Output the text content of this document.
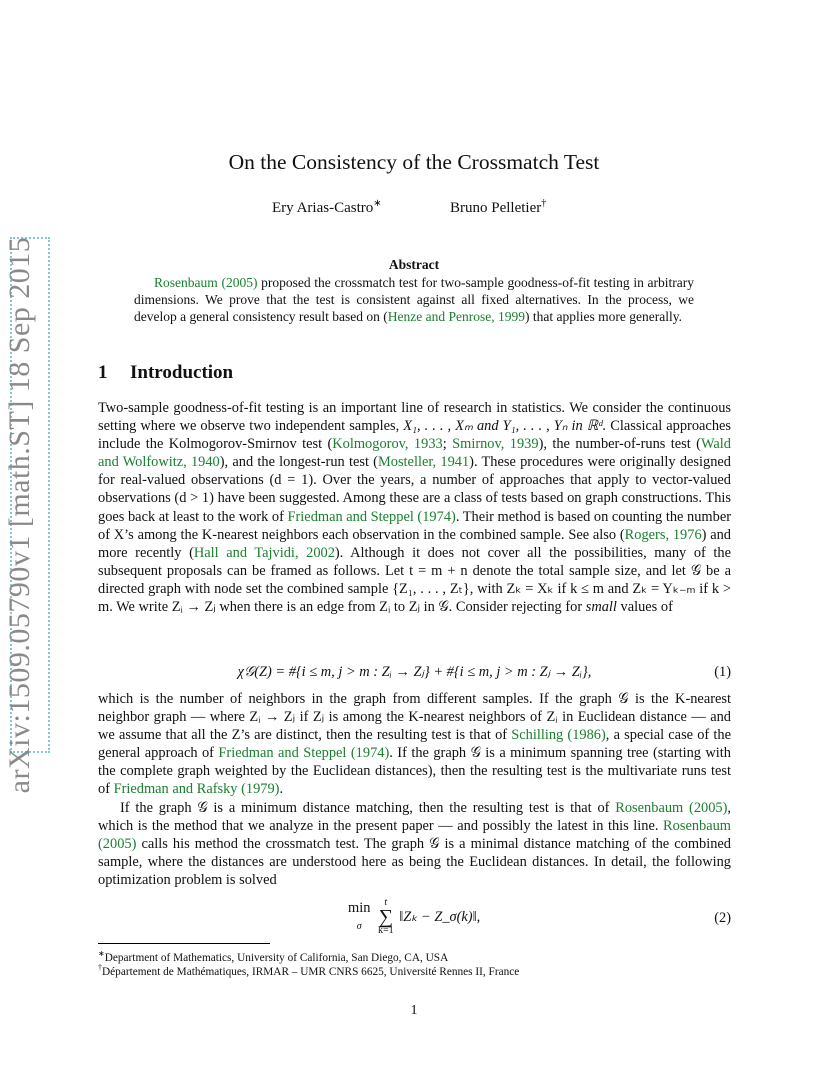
arXiv:1509.05790v1 [math.ST] 18 Sep 2015
On the Consistency of the Crossmatch Test
Ery Arias-Castro∗	Bruno Pelletier†
Abstract
Rosenbaum (2005) proposed the crossmatch test for two-sample goodness-of-fit testing in arbitrary dimensions. We prove that the test is consistent against all fixed alternatives. In the process, we develop a general consistency result based on (Henze and Penrose, 1999) that applies more generally.
1 Introduction
Two-sample goodness-of-fit testing is an important line of research in statistics. We consider the continuous setting where we observe two independent samples, X₁, . . . , Xₘ and Y₁, . . . , Yₙ in ℝᵈ. Classical approaches include the Kolmogorov-Smirnov test (Kolmogorov, 1933; Smirnov, 1939), the number-of-runs test (Wald and Wolfowitz, 1940), and the longest-run test (Mosteller, 1941). These procedures were originally designed for real-valued observations (d = 1). Over the years, a number of approaches that apply to vector-valued observations (d > 1) have been suggested. Among these are a class of tests based on graph constructions. This goes back at least to the work of Friedman and Steppel (1974). Their method is based on counting the number of X’s among the K-nearest neighbors each observation in the combined sample. See also (Rogers, 1976) and more recently (Hall and Tajvidi, 2002). Although it does not cover all the possibilities, many of the subsequent proposals can be framed as follows. Let t = m + n denote the total sample size, and let 𝒢 be a directed graph with node set the combined sample {Z₁, . . . , Zₜ}, with Zₖ = Xₖ if k ≤ m and Zₖ = Yₖ₋ₘ if k > m. We write Zᵢ → Zⱼ when there is an edge from Zᵢ to Zⱼ in 𝒢. Consider rejecting for small values of
χ𝒢(Z) = #{i ≤ m, j > m : Zᵢ → Zⱼ} + #{i ≤ m, j > m : Zⱼ → Zᵢ},	(1)
which is the number of neighbors in the graph from different samples. If the graph 𝒢 is the K-nearest neighbor graph — where Zᵢ → Zⱼ if Zⱼ is among the K-nearest neighbors of Zᵢ in Euclidean distance — and we assume that all the Z’s are distinct, then the resulting test is that of Schilling (1986), a special case of the general approach of Friedman and Steppel (1974). If the graph 𝒢 is a minimum spanning tree (starting with the complete graph weighted by the Euclidean distances), then the resulting test is the multivariate runs test of Friedman and Rafsky (1979).
If the graph 𝒢 is a minimum distance matching, then the resulting test is that of Rosenbaum (2005), which is the method that we analyze in the present paper — and possibly the latest in this line. Rosenbaum (2005) calls his method the crossmatch test. The graph 𝒢 is a minimal distance matching of the combined sample, where the distances are understood here as being the Euclidean distances. In detail, the following optimization problem is solved
min
σ
t
∑
k=1
‖Zₖ − Z_σ(k)‖,	(2)
∗Department of Mathematics, University of California, San Diego, CA, USA
†Département de Mathématiques, IRMAR – UMR CNRS 6625, Université Rennes II, France
1
